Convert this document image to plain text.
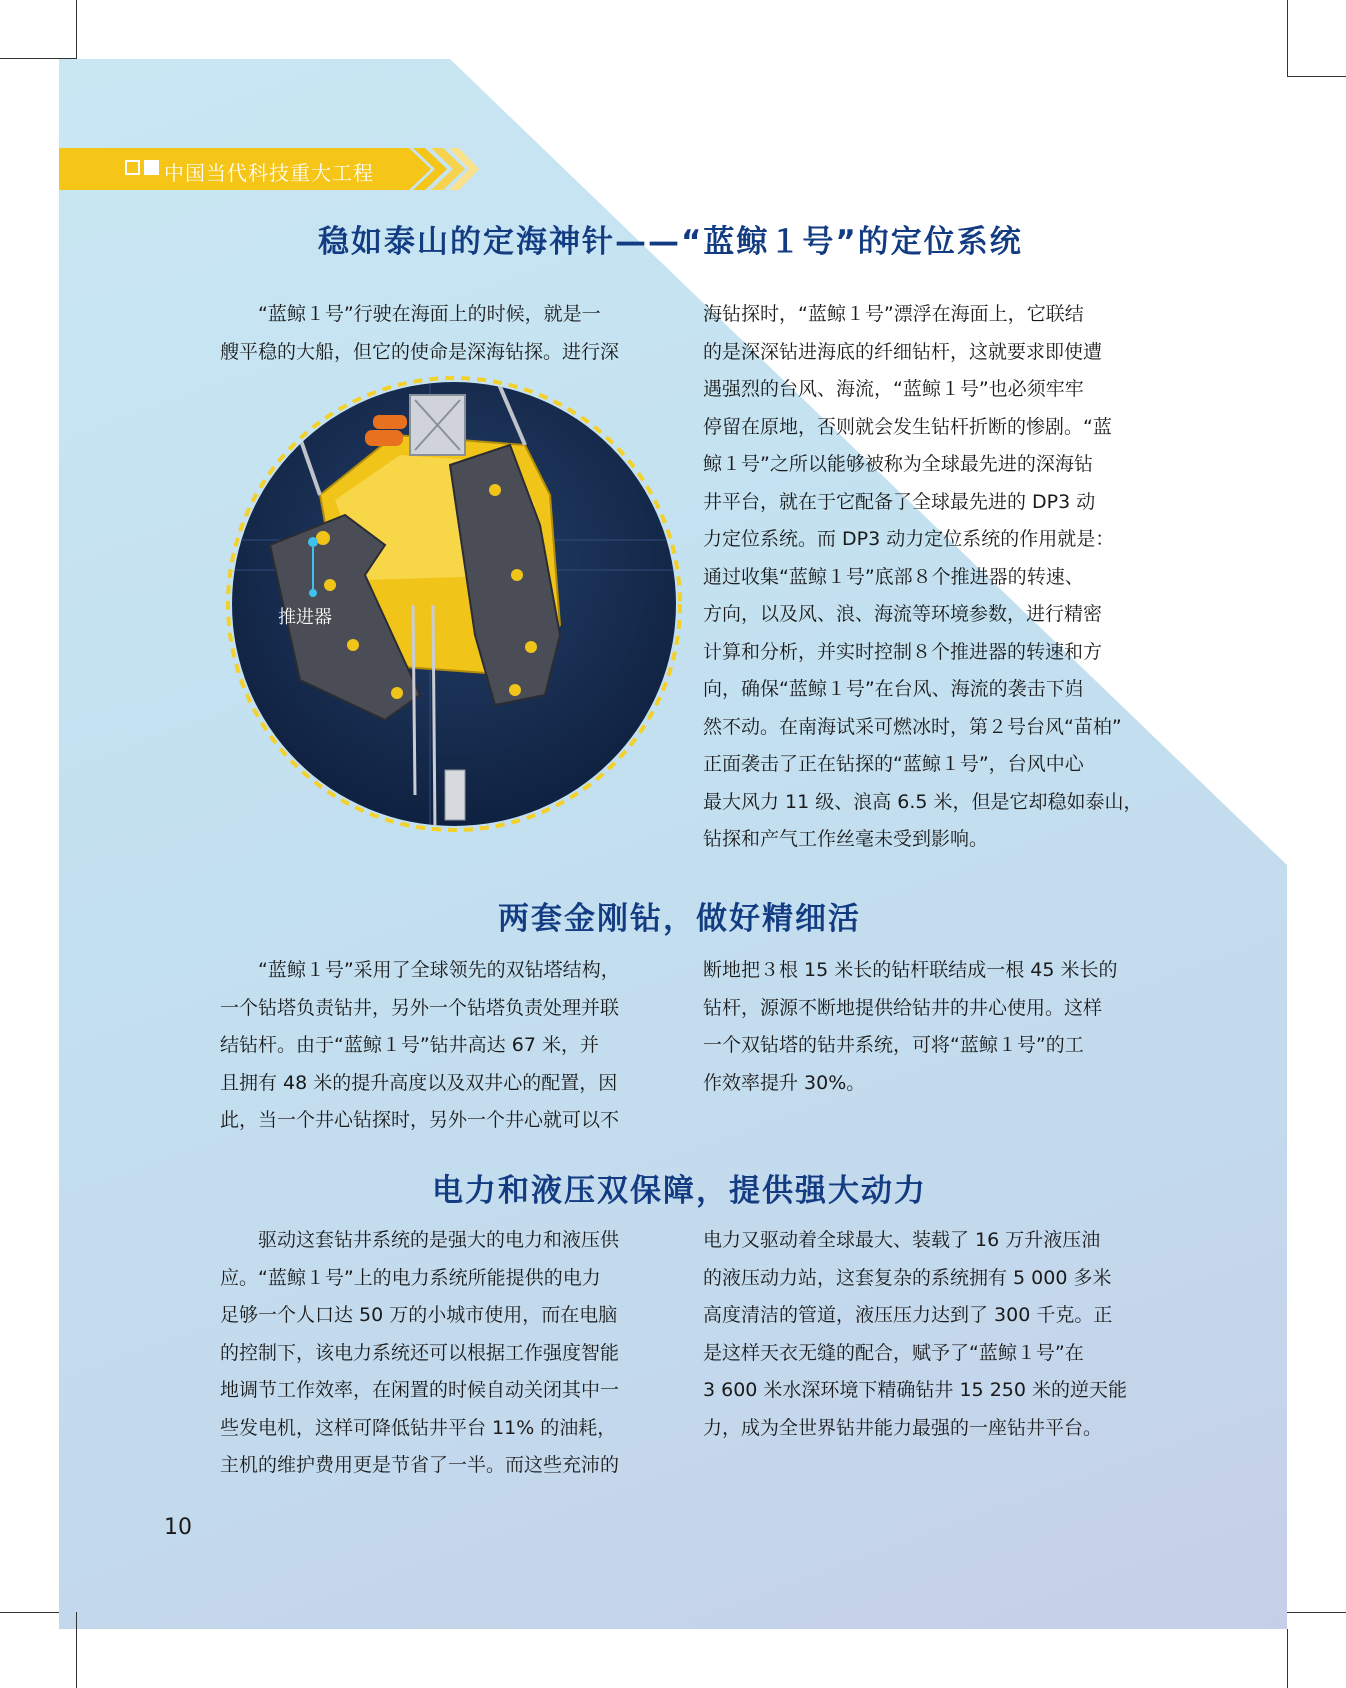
中国当代科技重大工程
稳如泰山的定海神针——“蓝鲸１号”的定位系统
“蓝鲸１号”行驶在海面上的时候，就是一
艘平稳的大船，但它的使命是深海钻探。进行深
海钻探时，“蓝鲸１号”漂浮在海面上，它联结
的是深深钻进海底的纤细钻杆，这就要求即使遭
遇强烈的台风、海流，“蓝鲸１号”也必须牢牢
停留在原地，否则就会发生钻杆折断的惨剧。“蓝
鲸１号”之所以能够被称为全球最先进的深海钻
井平台，就在于它配备了全球最先进的 DP3 动
力定位系统。而 DP3 动力定位系统的作用就是：
通过收集“蓝鲸１号”底部８个推进器的转速、
方向，以及风、浪、海流等环境参数，进行精密
计算和分析，并实时控制８个推进器的转速和方
向，确保“蓝鲸１号”在台风、海流的袭击下岿
然不动。在南海试采可燃冰时，第２号台风“苗柏”
正面袭击了正在钻探的“蓝鲸１号”，台风中心
最大风力 11 级、浪高 6.5 米，但是它却稳如泰山，
钻探和产气工作丝毫未受到影响。
推进器
两套金刚钻，做好精细活
“蓝鲸１号”采用了全球领先的双钻塔结构，
一个钻塔负责钻井，另外一个钻塔负责处理并联
结钻杆。由于“蓝鲸１号”钻井高达 67 米，并
且拥有 48 米的提升高度以及双井心的配置，因
此，当一个井心钻探时，另外一个井心就可以不
断地把３根 15 米长的钻杆联结成一根 45 米长的
钻杆，源源不断地提供给钻井的井心使用。这样
一个双钻塔的钻井系统，可将“蓝鲸１号”的工
作效率提升 30%。
电力和液压双保障，提供强大动力
驱动这套钻井系统的是强大的电力和液压供
应。“蓝鲸１号”上的电力系统所能提供的电力
足够一个人口达 50 万的小城市使用，而在电脑
的控制下，该电力系统还可以根据工作强度智能
地调节工作效率，在闲置的时候自动关闭其中一
些发电机，这样可降低钻井平台 11% 的油耗，
主机的维护费用更是节省了一半。而这些充沛的
电力又驱动着全球最大、装载了 16 万升液压油
的液压动力站，这套复杂的系统拥有 5 000 多米
高度清洁的管道，液压压力达到了 300 千克。正
是这样天衣无缝的配合，赋予了“蓝鲸１号”在
3 600 米水深环境下精确钻井 15 250 米的逆天能
力，成为全世界钻井能力最强的一座钻井平台。
10
